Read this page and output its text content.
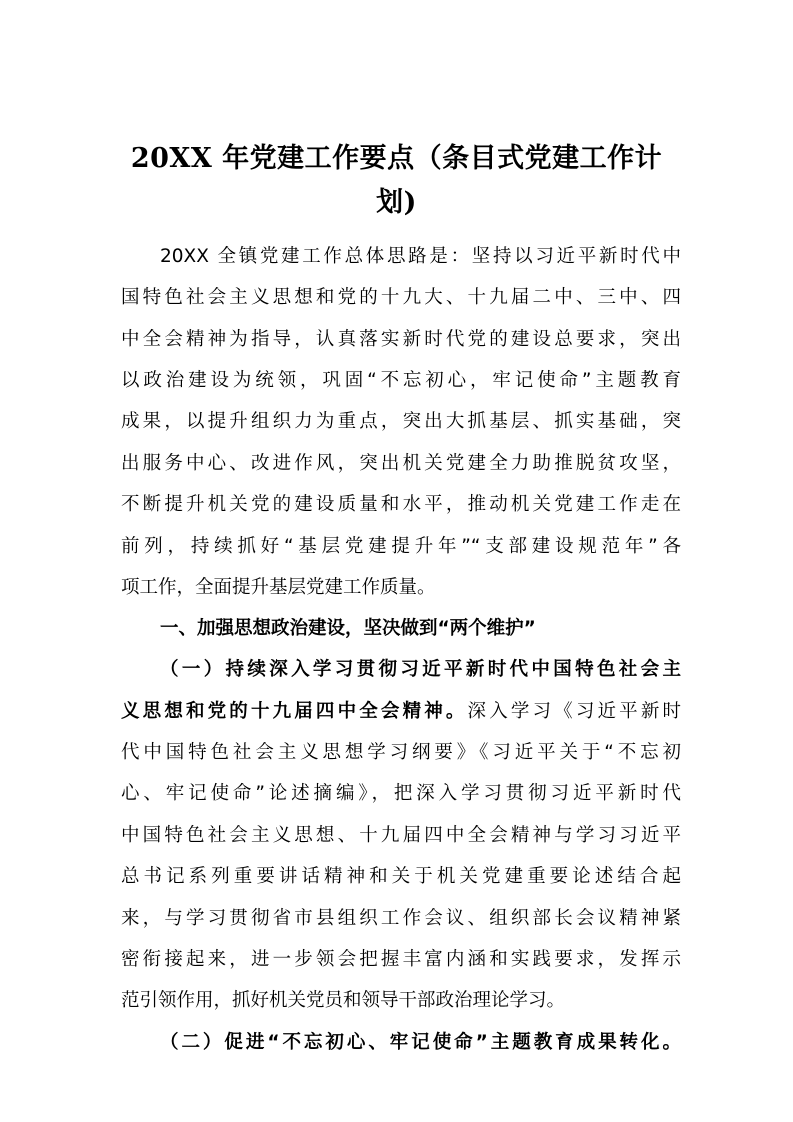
20XX 年党建工作要点（条目式党建工作计
划)
20XX 全镇党建工作总体思路是：坚持以习近平新时代中
国特色社会主义思想和党的十九大、十九届二中、三中、四
中全会精神为指导，认真落实新时代党的建设总要求，突出
以政治建设为统领，巩固“不忘初心，牢记使命”主题教育
成果，以提升组织力为重点，突出大抓基层、抓实基础，突
出服务中心、改进作风，突出机关党建全力助推脱贫攻坚，
不断提升机关党的建设质量和水平，推动机关党建工作走在
前列，持续抓好“基层党建提升年”“支部建设规范年”各
项工作，全面提升基层党建工作质量。
一、加强思想政治建设，坚决做到“两个维护”
（一）持续深入学习贯彻习近平新时代中国特色社会主
义思想和党的十九届四中全会精神。深入学习《习近平新时
代中国特色社会主义思想学习纲要》《习近平关于“不忘初
心、牢记使命”论述摘编》，把深入学习贯彻习近平新时代
中国特色社会主义思想、十九届四中全会精神与学习习近平
总书记系列重要讲话精神和关于机关党建重要论述结合起
来，与学习贯彻省市县组织工作会议、组织部长会议精神紧
密衔接起来，进一步领会把握丰富内涵和实践要求，发挥示
范引领作用，抓好机关党员和领导干部政治理论学习。
（二）促进“不忘初心、牢记使命”主题教育成果转化。
